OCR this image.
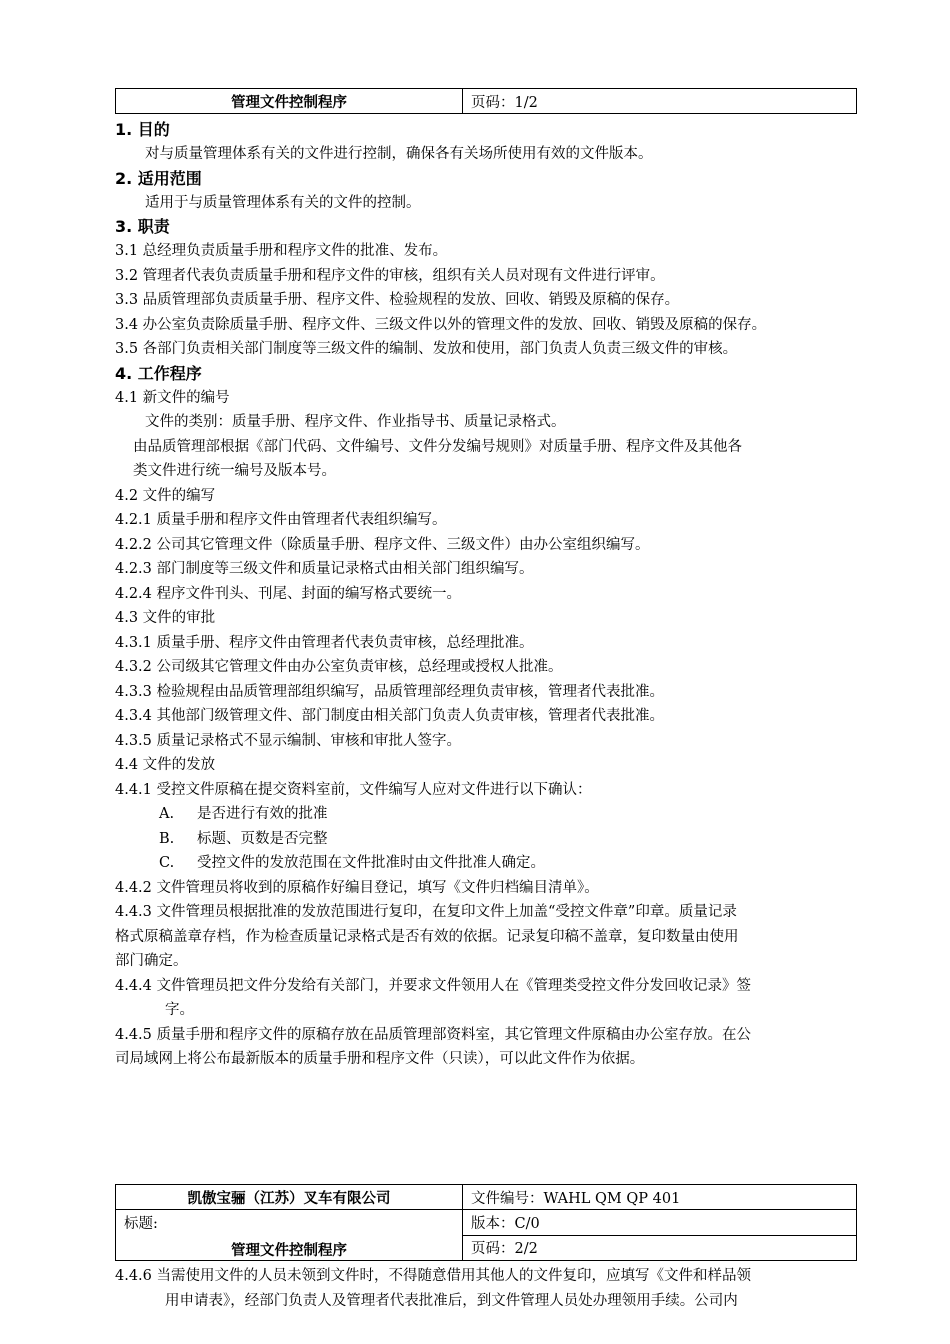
管理文件控制程序	页码：1/2
1. 目的
对与质量管理体系有关的文件进行控制，确保各有关场所使用有效的文件版本。
2. 适用范围
适用于与质量管理体系有关的文件的控制。
3. 职责
3.1 总经理负责质量手册和程序文件的批准、发布。
3.2 管理者代表负责质量手册和程序文件的审核，组织有关人员对现有文件进行评审。
3.3 品质管理部负责质量手册、程序文件、检验规程的发放、回收、销毁及原稿的保存。
3.4 办公室负责除质量手册、程序文件、三级文件以外的管理文件的发放、回收、销毁及原稿的保存。
3.5 各部门负责相关部门制度等三级文件的编制、发放和使用，部门负责人负责三级文件的审核。
4. 工作程序
4.1 新文件的编号
文件的类别：质量手册、程序文件、作业指导书、质量记录格式。
由品质管理部根据《部门代码、文件编号、文件分发编号规则》对质量手册、程序文件及其他各
类文件进行统一编号及版本号。
4.2 文件的编写
4.2.1 质量手册和程序文件由管理者代表组织编写。
4.2.2 公司其它管理文件（除质量手册、程序文件、三级文件）由办公室组织编写。
4.2.3 部门制度等三级文件和质量记录格式由相关部门组织编写。
4.2.4 程序文件刊头、刊尾、封面的编写格式要统一。
4.3 文件的审批
4.3.1 质量手册、程序文件由管理者代表负责审核，总经理批准。
4.3.2 公司级其它管理文件由办公室负责审核，总经理或授权人批准。
4.3.3 检验规程由品质管理部组织编写，品质管理部经理负责审核，管理者代表批准。
4.3.4 其他部门级管理文件、部门制度由相关部门负责人负责审核，管理者代表批准。
4.3.5 质量记录格式不显示编制、审核和审批人签字。
4.4 文件的发放
4.4.1 受控文件原稿在提交资料室前，文件编写人应对文件进行以下确认：
A. 是否进行有效的批准
B. 标题、页数是否完整
C. 受控文件的发放范围在文件批准时由文件批准人确定。
4.4.2 文件管理员将收到的原稿作好编目登记，填写《文件归档编目清单》。
4.4.3 文件管理员根据批准的发放范围进行复印，在复印文件上加盖“受控文件章”印章。质量记录
格式原稿盖章存档，作为检查质量记录格式是否有效的依据。记录复印稿不盖章，复印数量由使用
部门确定。
4.4.4 文件管理员把文件分发给有关部门，并要求文件领用人在《管理类受控文件分发回收记录》签
字。
4.4.5 质量手册和程序文件的原稿存放在品质管理部资料室，其它管理文件原稿由办公室存放。在公
司局域网上将公布最新版本的质量手册和程序文件（只读），可以此文件作为依据。
凯傲宝骊（江苏）叉车有限公司	文件编号：WAHL QM QP 401

标题:
管理文件控制程序	版本：C/0
	页码：2/2
4.4.6 当需使用文件的人员未领到文件时，不得随意借用其他人的文件复印，应填写《文件和样品领
用申请表》，经部门负责人及管理者代表批准后，到文件管理人员处办理领用手续。公司内
